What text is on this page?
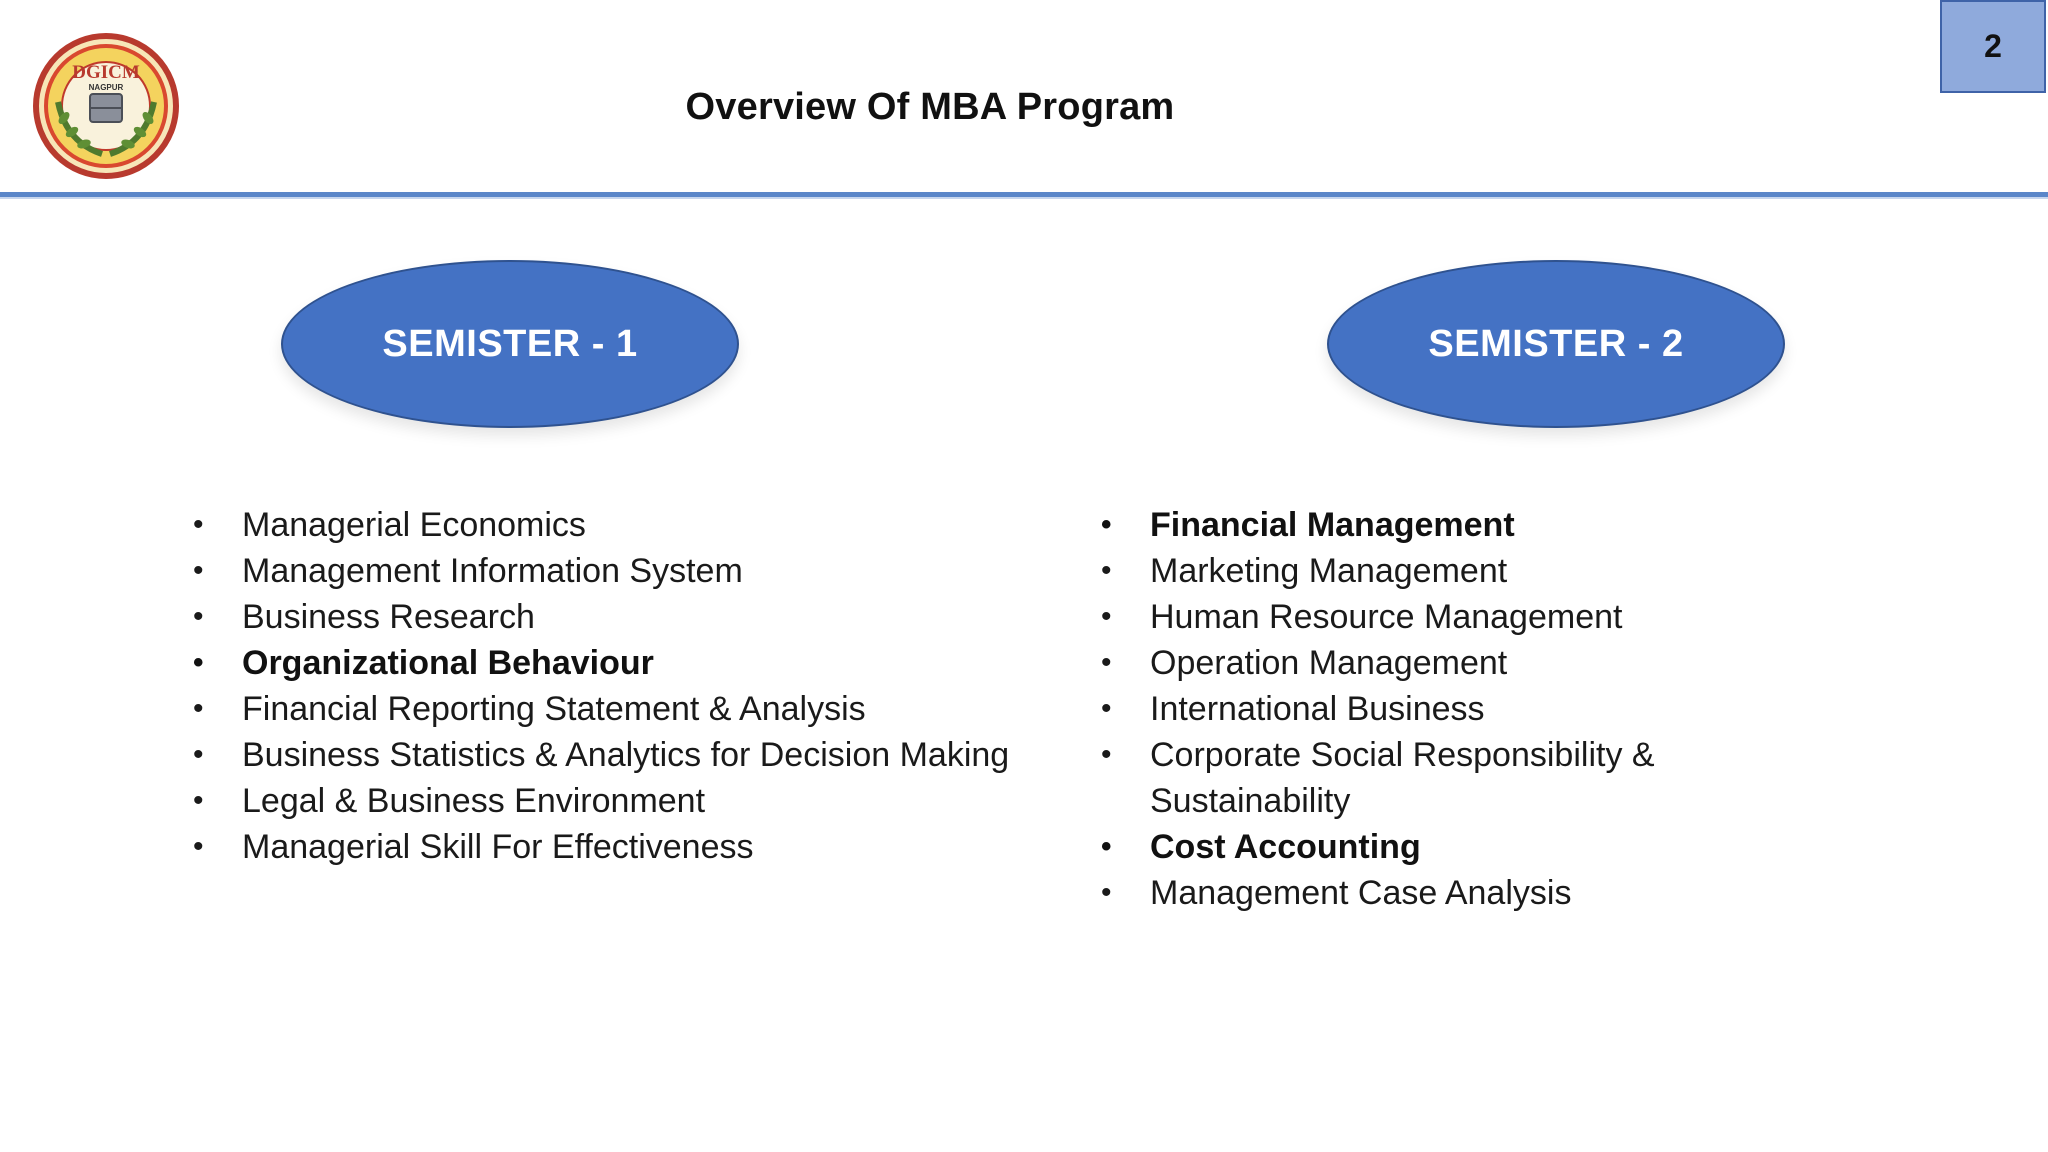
DGICM
NAGPUR	Overview Of MBA Program
2
SEMISTER - 1	SEMISTER - 2
• Managerial Economics
• Management Information System
• Business Research
• Organizational Behaviour
• Financial Reporting Statement & Analysis
• Business Statistics & Analytics for Decision Making
• Legal & Business Environment
• Managerial Skill For Effectiveness
• Financial Management
• Marketing Management
• Human Resource Management
• Operation Management
• International Business
• Corporate Social Responsibility & Sustainability
• Cost Accounting
• Management Case Analysis
